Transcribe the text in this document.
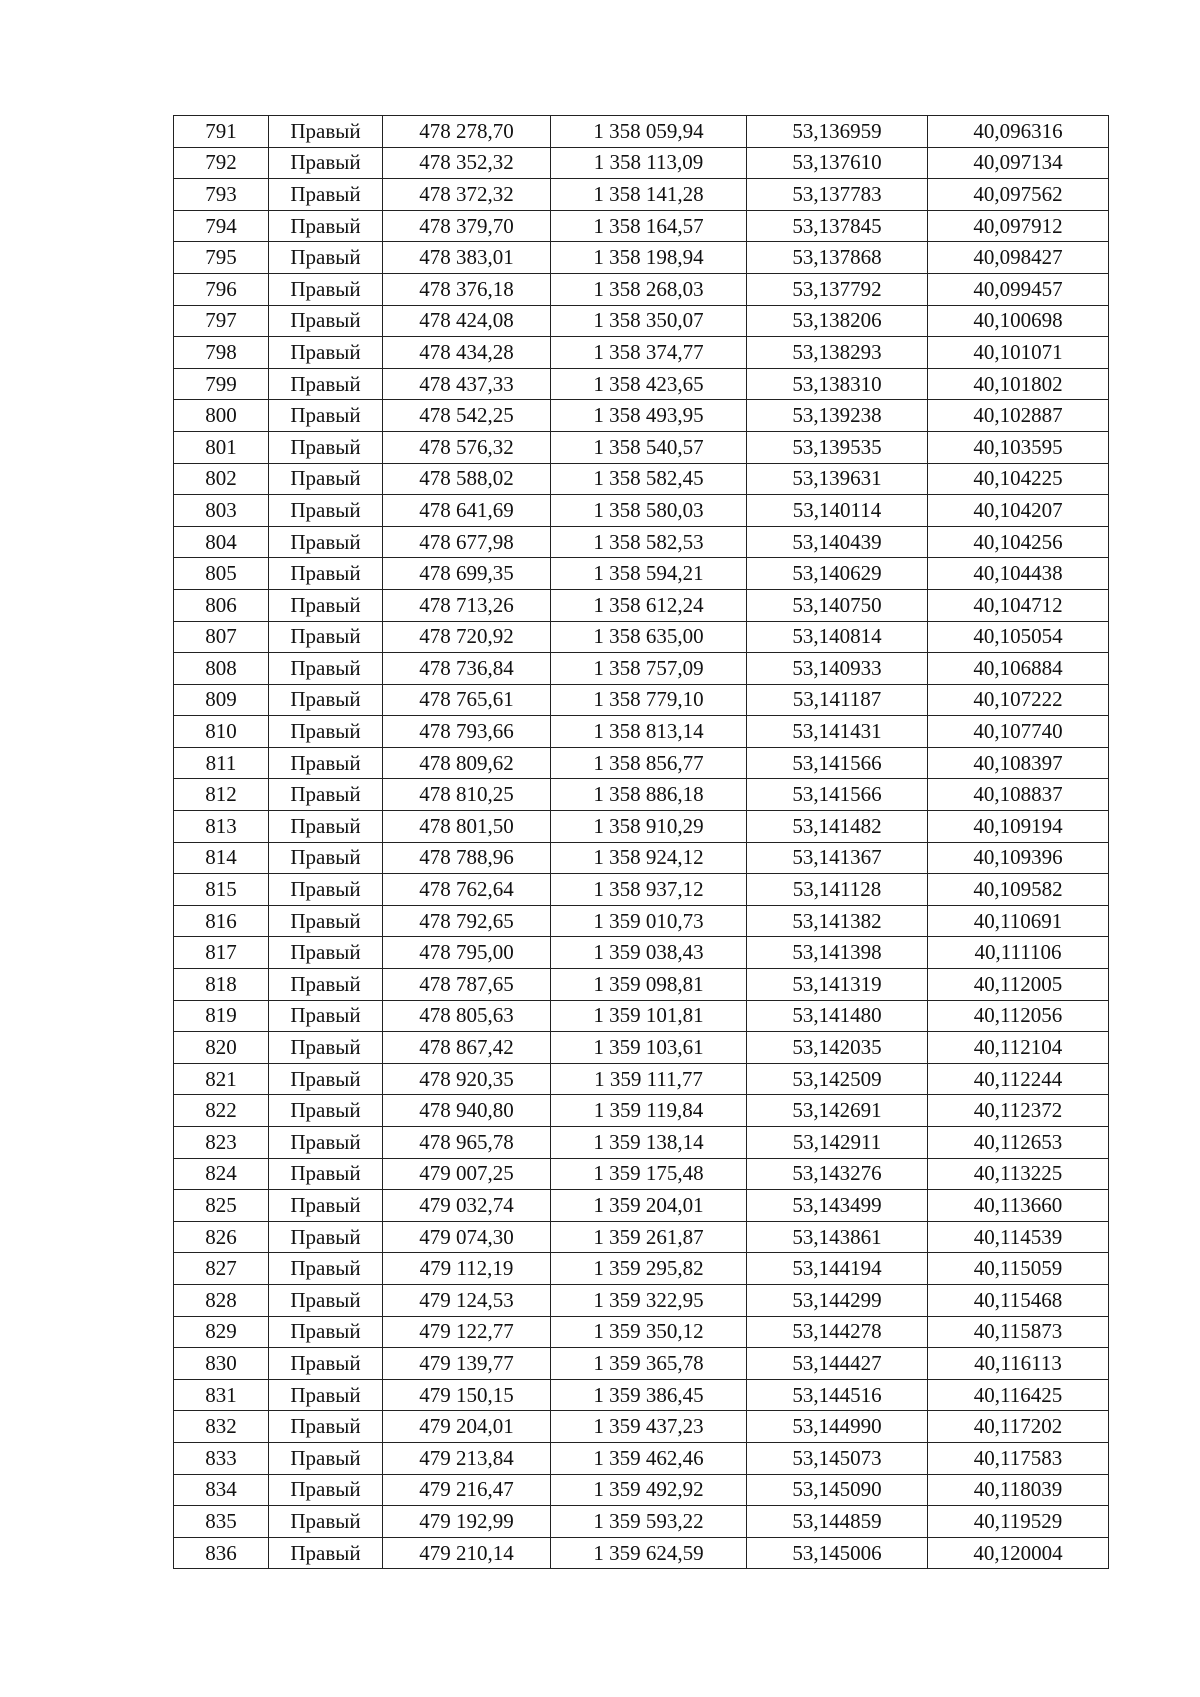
791	Правый	478 278,70	1 358 059,94	53,136959	40,096316
792	Правый	478 352,32	1 358 113,09	53,137610	40,097134
793	Правый	478 372,32	1 358 141,28	53,137783	40,097562
794	Правый	478 379,70	1 358 164,57	53,137845	40,097912
795	Правый	478 383,01	1 358 198,94	53,137868	40,098427
796	Правый	478 376,18	1 358 268,03	53,137792	40,099457
797	Правый	478 424,08	1 358 350,07	53,138206	40,100698
798	Правый	478 434,28	1 358 374,77	53,138293	40,101071
799	Правый	478 437,33	1 358 423,65	53,138310	40,101802
800	Правый	478 542,25	1 358 493,95	53,139238	40,102887
801	Правый	478 576,32	1 358 540,57	53,139535	40,103595
802	Правый	478 588,02	1 358 582,45	53,139631	40,104225
803	Правый	478 641,69	1 358 580,03	53,140114	40,104207
804	Правый	478 677,98	1 358 582,53	53,140439	40,104256
805	Правый	478 699,35	1 358 594,21	53,140629	40,104438
806	Правый	478 713,26	1 358 612,24	53,140750	40,104712
807	Правый	478 720,92	1 358 635,00	53,140814	40,105054
808	Правый	478 736,84	1 358 757,09	53,140933	40,106884
809	Правый	478 765,61	1 358 779,10	53,141187	40,107222
810	Правый	478 793,66	1 358 813,14	53,141431	40,107740
811	Правый	478 809,62	1 358 856,77	53,141566	40,108397
812	Правый	478 810,25	1 358 886,18	53,141566	40,108837
813	Правый	478 801,50	1 358 910,29	53,141482	40,109194
814	Правый	478 788,96	1 358 924,12	53,141367	40,109396
815	Правый	478 762,64	1 358 937,12	53,141128	40,109582
816	Правый	478 792,65	1 359 010,73	53,141382	40,110691
817	Правый	478 795,00	1 359 038,43	53,141398	40,111106
818	Правый	478 787,65	1 359 098,81	53,141319	40,112005
819	Правый	478 805,63	1 359 101,81	53,141480	40,112056
820	Правый	478 867,42	1 359 103,61	53,142035	40,112104
821	Правый	478 920,35	1 359 111,77	53,142509	40,112244
822	Правый	478 940,80	1 359 119,84	53,142691	40,112372
823	Правый	478 965,78	1 359 138,14	53,142911	40,112653
824	Правый	479 007,25	1 359 175,48	53,143276	40,113225
825	Правый	479 032,74	1 359 204,01	53,143499	40,113660
826	Правый	479 074,30	1 359 261,87	53,143861	40,114539
827	Правый	479 112,19	1 359 295,82	53,144194	40,115059
828	Правый	479 124,53	1 359 322,95	53,144299	40,115468
829	Правый	479 122,77	1 359 350,12	53,144278	40,115873
830	Правый	479 139,77	1 359 365,78	53,144427	40,116113
831	Правый	479 150,15	1 359 386,45	53,144516	40,116425
832	Правый	479 204,01	1 359 437,23	53,144990	40,117202
833	Правый	479 213,84	1 359 462,46	53,145073	40,117583
834	Правый	479 216,47	1 359 492,92	53,145090	40,118039
835	Правый	479 192,99	1 359 593,22	53,144859	40,119529
836	Правый	479 210,14	1 359 624,59	53,145006	40,120004
